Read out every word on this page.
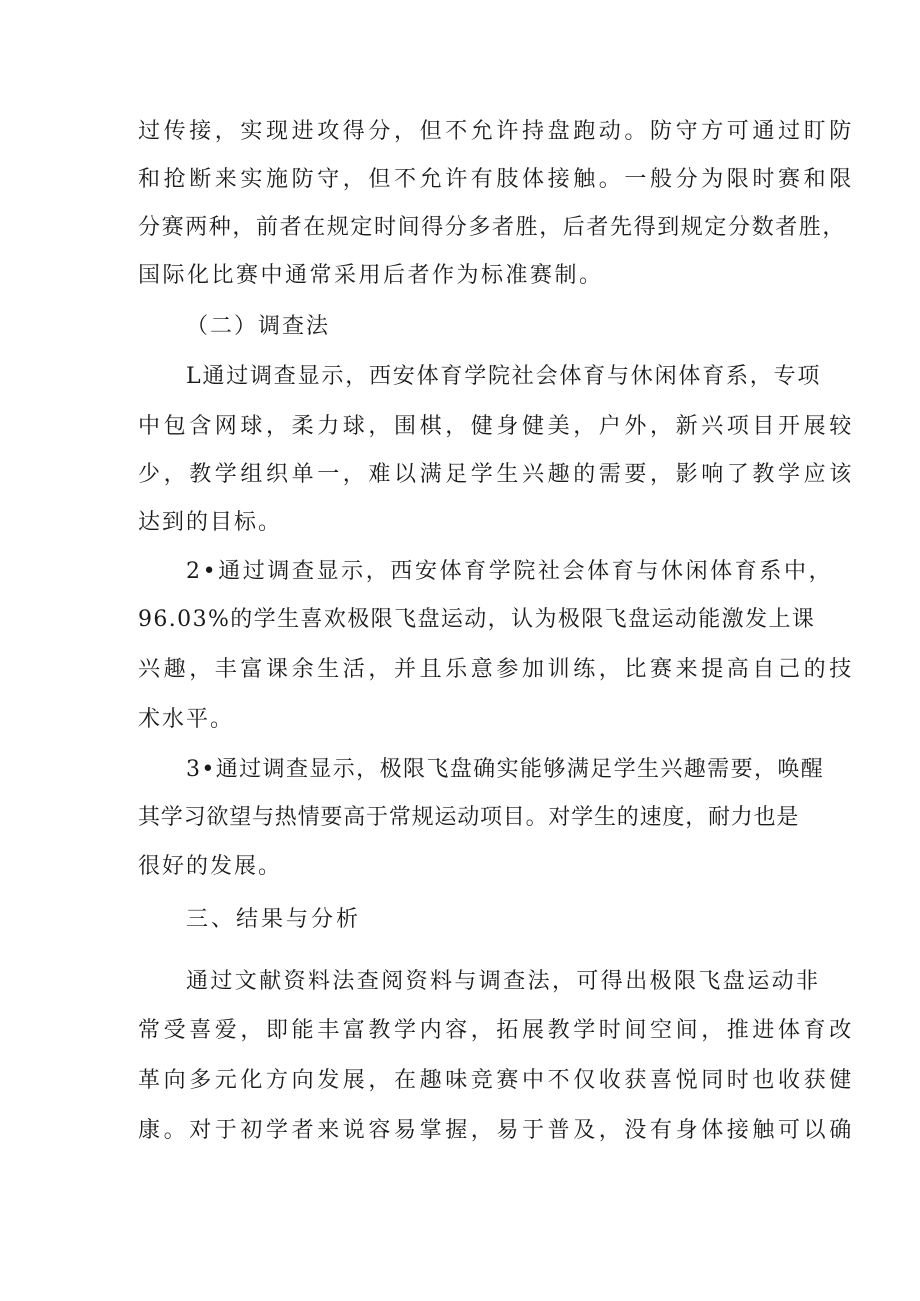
过传接，实现进攻得分，但不允许持盘跑动。防守方可通过盯防
和抢断来实施防守，但不允许有肢体接触。一般分为限时赛和限
分赛两种，前者在规定时间得分多者胜，后者先得到规定分数者胜，
国际化比赛中通常采用后者作为标准赛制。
（二）调查法
L通过调查显示，西安体育学院社会体育与休闲体育系，专项
中包含网球，柔力球，围棋，健身健美，户外，新兴项目开展较
少，教学组织单一，难以满足学生兴趣的需要，影响了教学应该
达到的目标。
2•通过调查显示，西安体育学院社会体育与休闲体育系中，
96.03%的学生喜欢极限飞盘运动，认为极限飞盘运动能激发上课
兴趣，丰富课余生活，并且乐意参加训练，比赛来提高自己的技
术水平。
3•通过调查显示，极限飞盘确实能够满足学生兴趣需要，唤醒
其学习欲望与热情要高于常规运动项目。对学生的速度，耐力也是
很好的发展。
三、结果与分析
通过文献资料法查阅资料与调查法，可得出极限飞盘运动非
常受喜爱，即能丰富教学内容，拓展教学时间空间，推进体育改
革向多元化方向发展，在趣味竞赛中不仅收获喜悦同时也收获健
康。对于初学者来说容易掌握，易于普及，没有身体接触可以确
